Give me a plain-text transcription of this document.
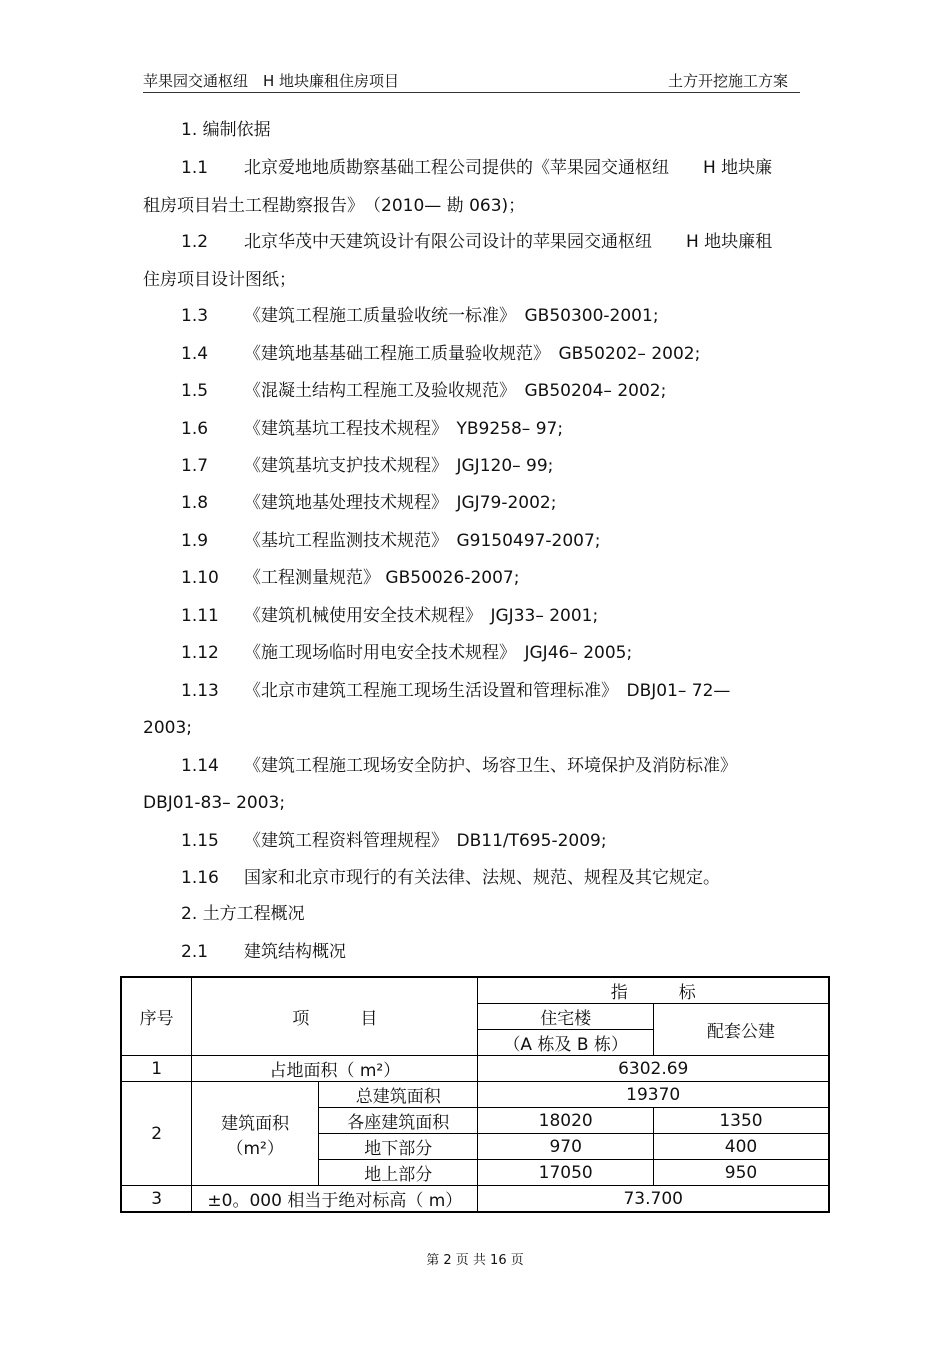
苹果园交通枢纽　H 地块廉租住房项目	土方开挖施工方案
1. 编制依据
1.1 北京爱地地质勘察基础工程公司提供的《苹果园交通枢纽　　H 地块廉
租房项目岩土工程勘察报告》　（2010— 勘 063)；
1.2 北京华茂中天建筑设计有限公司设计的苹果园交通枢纽　　H 地块廉租
住房项目设计图纸；
1.3 《建筑工程施工质量验收统一标准》　GB50300-2001;
1.4 《建筑地基基础工程施工质量验收规范》　GB50202– 2002;
1.5 《混凝土结构工程施工及验收规范》　GB50204– 2002;
1.6 《建筑基坑工程技术规程》　YB9258– 97;
1.7 《建筑基坑支护技术规程》　JGJ120– 99;
1.8 《建筑地基处理技术规程》　JGJ79-2002;
1.9 《基坑工程监测技术规范》　G9150497-2007;
1.10 《工程测量规范》 GB50026-2007;
1.11 《建筑机械使用安全技术规程》　JGJ33– 2001;
1.12 《施工现场临时用电安全技术规程》　JGJ46– 2005;
1.13 《北京市建筑工程施工现场生活设置和管理标准》　DBJ01– 72—
2003;
1.14 《建筑工程施工现场安全防护、场容卫生、环境保护及消防标准》
DBJ01-83– 2003;
1.15 《建筑工程资料管理规程》　DB11/T695-2009;
1.16 国家和北京市现行的有关法律、法规、规范、规程及其它规定。
2. 土方工程概况
2.1 建筑结构概况
序号	项　　　目		指　　　标	
			住宅楼	配套公建
			（A 栋及 B 栋）	
1	占地面积（ m²）		6302.69	
2	建筑面积
（m²）	总建筑面积	19370	
		各座建筑面积	18020	1350
		地下部分	970	400
		地上部分	17050	950
3	±0。000 相当于绝对标高（ m）		73.700	
第 2 页 共 16 页
